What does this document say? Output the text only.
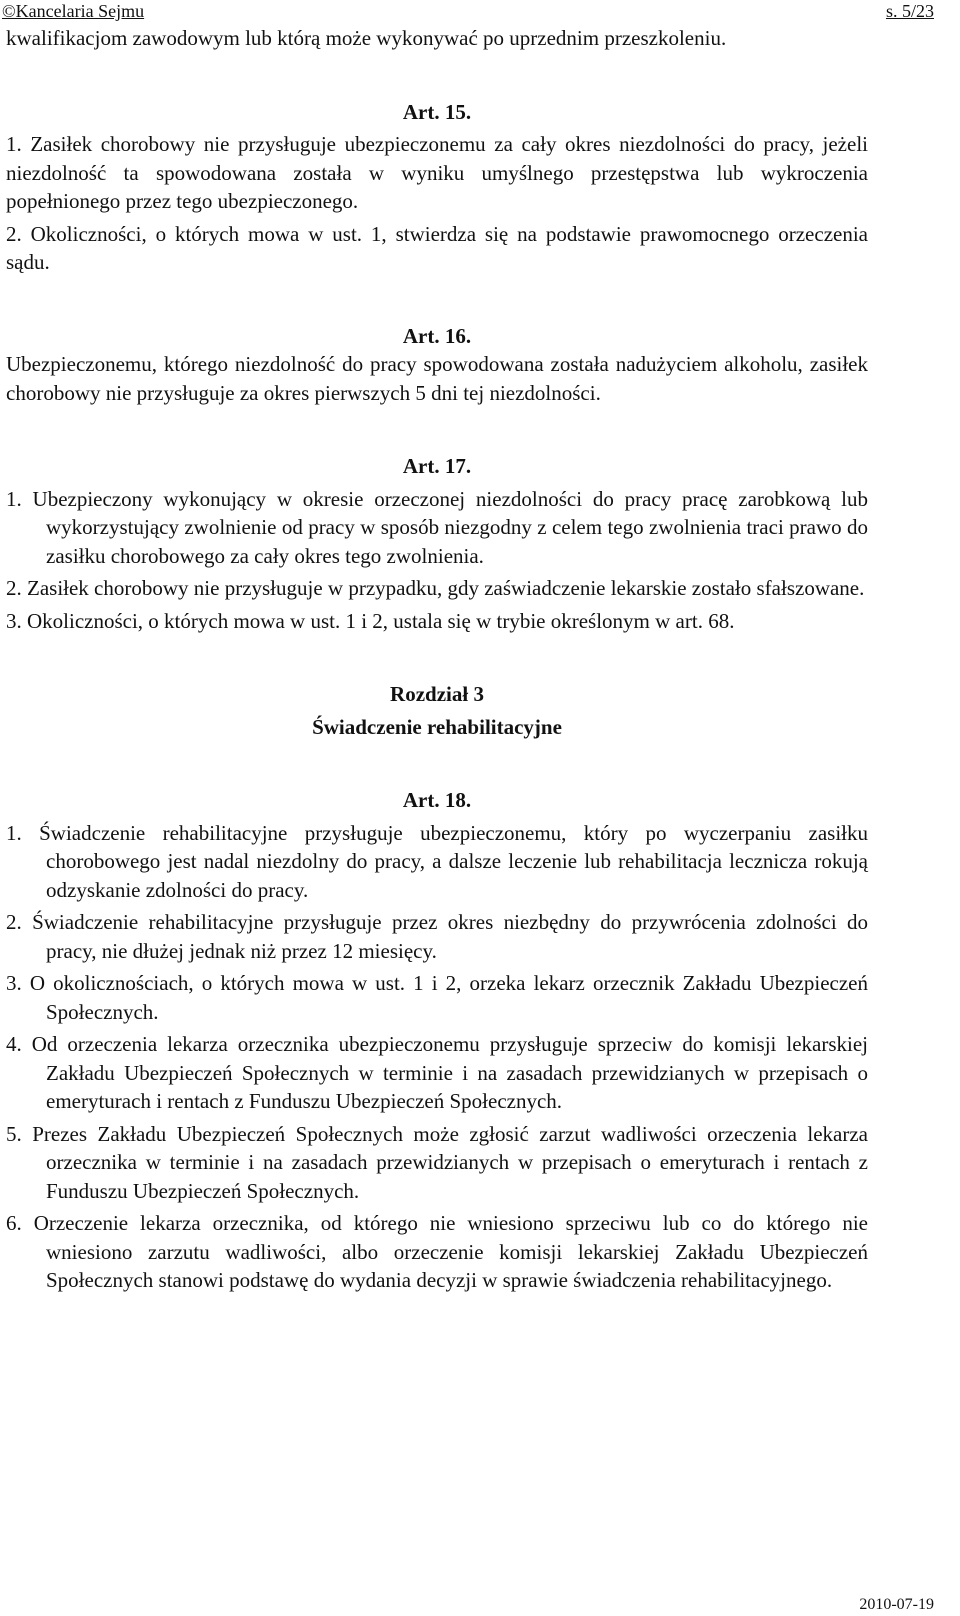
©Kancelaria Sejmu	s. 5/23

kwalifikacjom zawodowym lub którą może wykonywać po uprzednim przeszkoleniu.

Art. 15.

1. Zasiłek chorobowy nie przysługuje ubezpieczonemu za cały okres niezdolności do pracy, jeżeli niezdolność ta spowodowana została w wyniku umyślnego przestępstwa lub wykroczenia popełnionego przez tego ubezpieczonego.

2. Okoliczności, o których mowa w ust. 1, stwierdza się na podstawie prawomocnego orzeczenia sądu.

Art. 16.

Ubezpieczonemu, którego niezdolność do pracy spowodowana została nadużyciem alkoholu, zasiłek chorobowy nie przysługuje za okres pierwszych 5 dni tej niezdolności.

Art. 17.

1. Ubezpieczony wykonujący w okresie orzeczonej niezdolności do pracy pracę zarobkową lub wykorzystujący zwolnienie od pracy w sposób niezgodny z celem tego zwolnienia traci prawo do zasiłku chorobowego za cały okres tego zwolnienia.

2. Zasiłek chorobowy nie przysługuje w przypadku, gdy zaświadczenie lekarskie zostało sfałszowane.

3. Okoliczności, o których mowa w ust. 1 i 2, ustala się w trybie określonym w art. 68.

Rozdział 3

Świadczenie rehabilitacyjne

Art. 18.

1. Świadczenie rehabilitacyjne przysługuje ubezpieczonemu, który po wyczerpaniu zasiłku chorobowego jest nadal niezdolny do pracy, a dalsze leczenie lub rehabilitacja lecznicza rokują odzyskanie zdolności do pracy.

2. Świadczenie rehabilitacyjne przysługuje przez okres niezbędny do przywrócenia zdolności do pracy, nie dłużej jednak niż przez 12 miesięcy.

3. O okolicznościach, o których mowa w ust. 1 i 2, orzeka lekarz orzecznik Zakładu Ubezpieczeń Społecznych.

4. Od orzeczenia lekarza orzecznika ubezpieczonemu przysługuje sprzeciw do komisji lekarskiej Zakładu Ubezpieczeń Społecznych w terminie i na zasadach przewidzianych w przepisach o emeryturach i rentach z Funduszu Ubezpieczeń Społecznych.

5. Prezes Zakładu Ubezpieczeń Społecznych może zgłosić zarzut wadliwości orzeczenia lekarza orzecznika w terminie i na zasadach przewidzianych w przepisach o emeryturach i rentach z Funduszu Ubezpieczeń Społecznych.

6. Orzeczenie lekarza orzecznika, od którego nie wniesiono sprzeciwu lub co do którego nie wniesiono zarzutu wadliwości, albo orzeczenie komisji lekarskiej Zakładu Ubezpieczeń Społecznych stanowi podstawę do wydania decyzji w sprawie świadczenia rehabilitacyjnego.

2010-07-19
